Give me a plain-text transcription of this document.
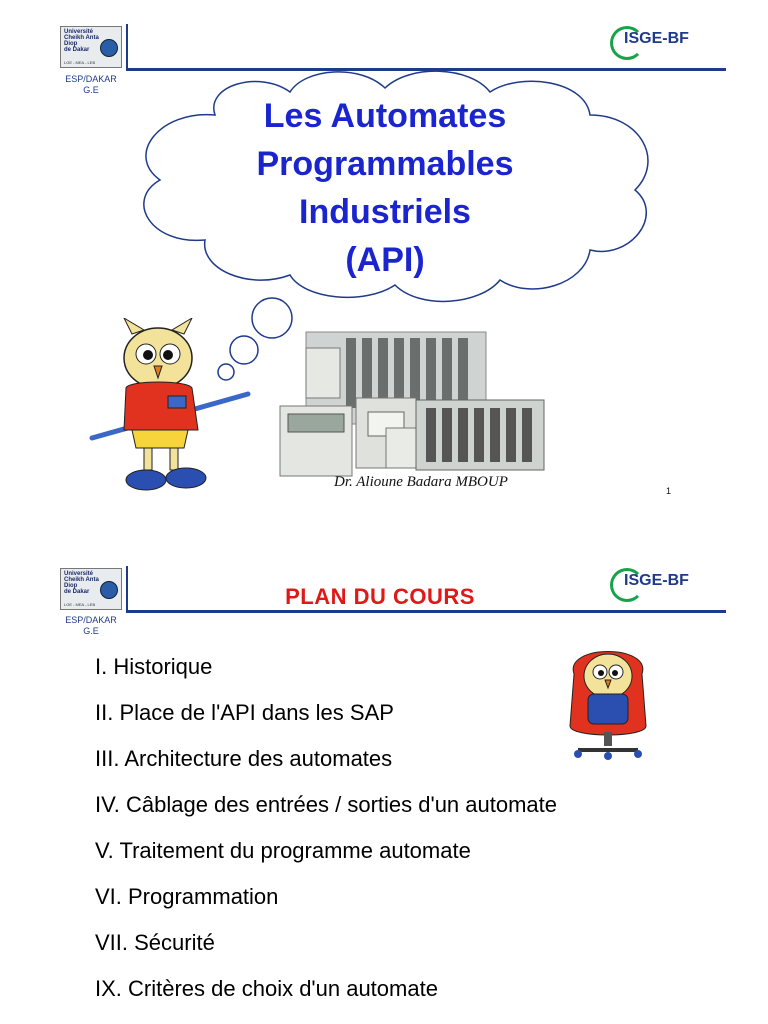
Université
Cheikh Anta Diop
de Dakar
LGE - MEA - LEB
ESP/DAKAR
G.E
ISGE-BF
Les Automates
Programmables
Industriels
(API)
Dr. Alioune Badara MBOUP
1
Université
Cheikh Anta Diop
de Dakar
LGE - MEA - LEB
ESP/DAKAR
G.E
ISGE-BF
PLAN DU COURS
I. Historique
II. Place de l'API dans les SAP
III. Architecture des automates
IV. Câblage des entrées / sorties d'un automate
V. Traitement du programme automate
VI. Programmation
VII. Sécurité
IX. Critères de choix d'un automate
